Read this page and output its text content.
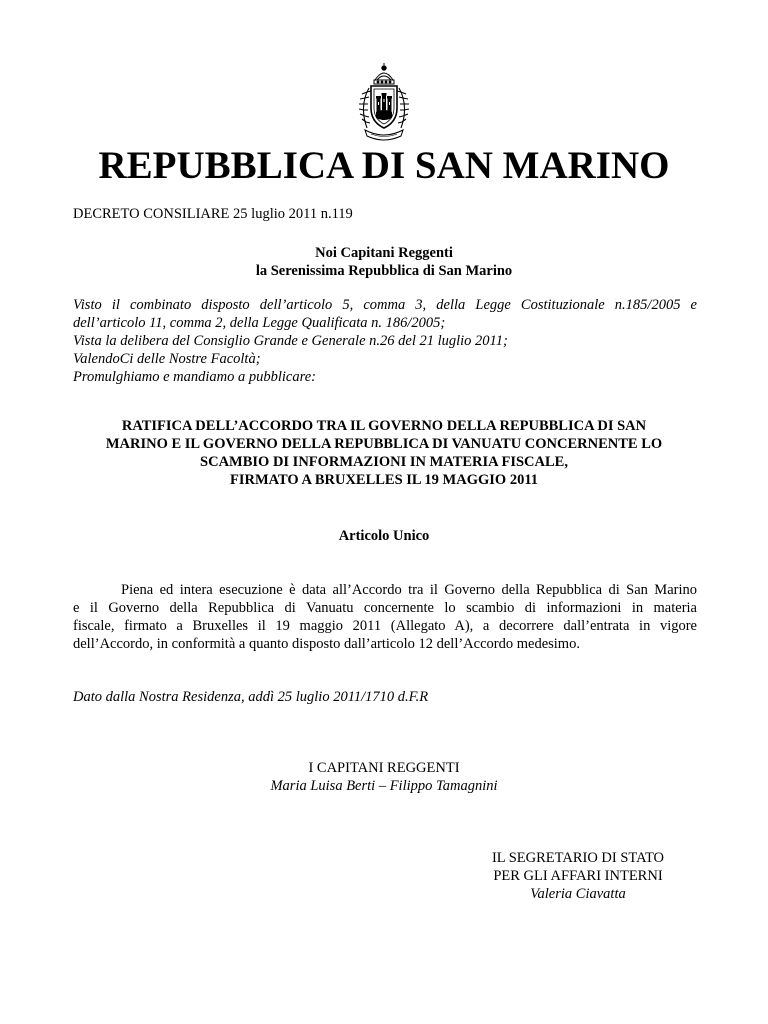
REPUBBLICA DI SAN MARINO
DECRETO CONSILIARE 25 luglio 2011 n.119
Noi Capitani Reggenti
la Serenissima Repubblica di San Marino
Visto il combinato disposto dell’articolo 5, comma 3, della Legge Costituzionale n.185/2005 e
dell’articolo 11, comma 2, della Legge Qualificata n. 186/2005;
Vista la delibera del Consiglio Grande e Generale n.26 del 21 luglio 2011;
ValendoCi delle Nostre Facoltà;
Promulghiamo e mandiamo a pubblicare:
RATIFICA DELL’ACCORDO TRA IL GOVERNO DELLA REPUBBLICA DI SAN
MARINO E IL GOVERNO DELLA REPUBBLICA DI VANUATU CONCERNENTE LO
SCAMBIO DI INFORMAZIONI IN MATERIA FISCALE,
FIRMATO A BRUXELLES IL 19 MAGGIO 2011
Articolo Unico
Piena ed intera esecuzione è data all’Accordo tra il Governo della Repubblica di San Marino
e il Governo della Repubblica di Vanuatu concernente lo scambio di informazioni in materia
fiscale, firmato a Bruxelles il 19 maggio 2011 (Allegato A), a decorrere dall’entrata in vigore
dell’Accordo, in conformità a quanto disposto dall’articolo 12 dell’Accordo medesimo.
Dato dalla Nostra Residenza, addì 25 luglio 2011/1710 d.F.R
I CAPITANI REGGENTI
Maria Luisa Berti – Filippo Tamagnini
IL SEGRETARIO DI STATO
PER GLI AFFARI INTERNI
Valeria Ciavatta
